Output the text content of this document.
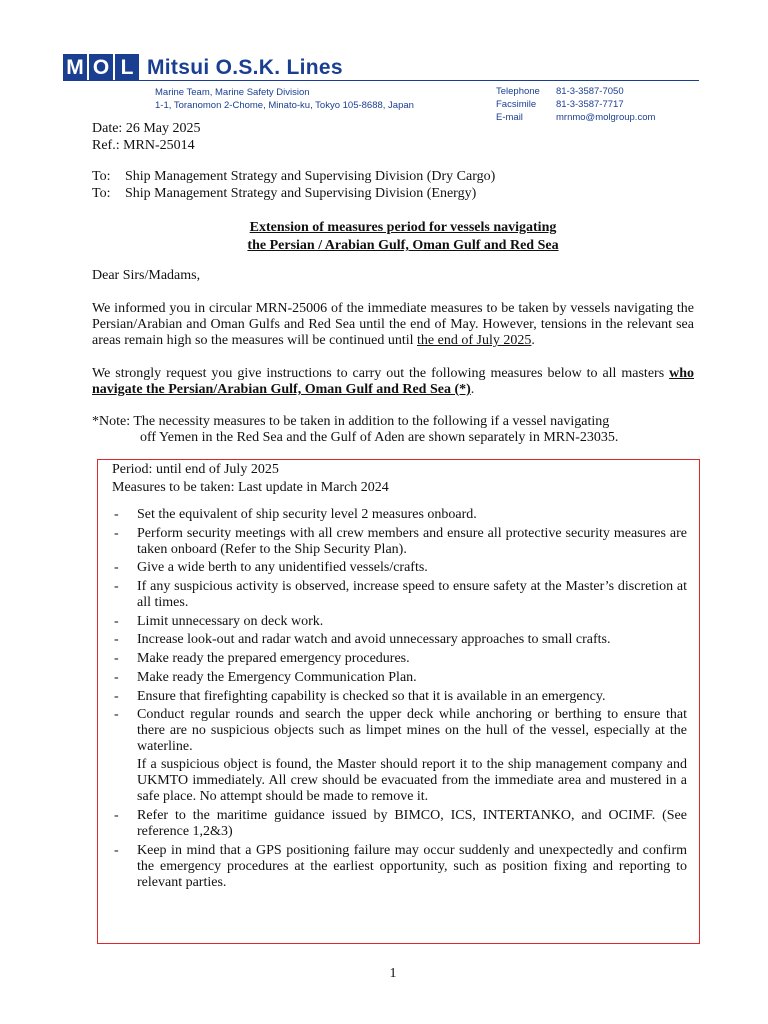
M O L Mitsui O.S.K. Lines
Marine Team, Marine Safety Division
1-1, Toranomon 2-Chome, Minato-ku, Tokyo 105-8688, Japan
Telephone	81-3-3587-7050
Facsimile	81-3-3587-7717
E-mail	mrnmo@molgroup.com
Date: 26 May 2025
Ref.: MRN-25014
To:	Ship Management Strategy and Supervising Division (Dry Cargo)
To:	Ship Management Strategy and Supervising Division (Energy)
Extension of measures period for vessels navigating
the Persian / Arabian Gulf, Oman Gulf and Red Sea
Dear Sirs/Madams,
We informed you in circular MRN-25006 of the immediate measures to be taken by vessels navigating the Persian/Arabian and Oman Gulfs and Red Sea until the end of May. However, tensions in the relevant sea areas remain high so the measures will be continued until the end of July 2025.
We strongly request you give instructions to carry out the following measures below to all masters who navigate the Persian/Arabian Gulf, Oman Gulf and Red Sea (*).
*Note: The necessity measures to be taken in addition to the following if a vessel navigating
off Yemen in the Red Sea and the Gulf of Aden are shown separately in MRN-23035.
Period: until end of July 2025
Measures to be taken: Last update in March 2024
- Set the equivalent of ship security level 2 measures onboard.
- Perform security meetings with all crew members and ensure all protective security measures are taken onboard (Refer to the Ship Security Plan).
- Give a wide berth to any unidentified vessels/crafts.
- If any suspicious activity is observed, increase speed to ensure safety at the Master’s discretion at all times.
- Limit unnecessary on deck work.
- Increase look-out and radar watch and avoid unnecessary approaches to small crafts.
- Make ready the prepared emergency procedures.
- Make ready the Emergency Communication Plan.
- Ensure that firefighting capability is checked so that it is available in an emergency.
- Conduct regular rounds and search the upper deck while anchoring or berthing to ensure that there are no suspicious objects such as limpet mines on the hull of the vessel, especially at the waterline.
If a suspicious object is found, the Master should report it to the ship management company and UKMTO immediately. All crew should be evacuated from the immediate area and mustered in a safe place. No attempt should be made to remove it.
- Refer to the maritime guidance issued by BIMCO, ICS, INTERTANKO, and OCIMF. (See reference 1,2&3)
- Keep in mind that a GPS positioning failure may occur suddenly and unexpectedly and confirm the emergency procedures at the earliest opportunity, such as position fixing and reporting to relevant parties.
1
